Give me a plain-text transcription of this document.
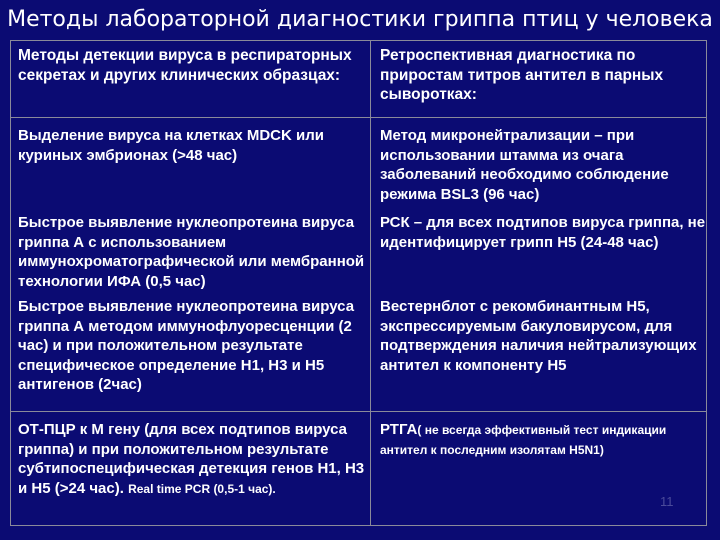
Методы лабораторной диагностики гриппа птиц у человека
Методы детекции вируса в респираторных секретах и других клинических образцах:
Ретроспективная диагностика по приростам титров антител в парных сыворотках:
Выделение вируса на клетках MDCK или куриных эмбрионах (>48 час)
Метод микронейтрализации – при использовании штамма из очага заболеваний необходимо соблюдение режима BSL3 (96 час)
Быстрое выявление нуклеопротеина вируса гриппа А с использованием иммунохроматографической или мембранной технологии ИФА (0,5 час)
РСК – для всех подтипов вируса гриппа, не идентифицирует грипп Н5 (24-48 час)
Быстрое выявление нуклеопротеина вируса гриппа А методом иммунофлуоресценции (2 час) и при положительном результате специфическое определение Н1, Н3 и Н5 антигенов (2час)
Вестернблот с рекомбинантным Н5, экспрессируемым бакуловирусом, для подтверждения наличия нейтрализующих антител к компоненту Н5
ОТ-ПЦР к М гену (для всех подтипов вируса гриппа) и при положительном результате субтипоспецифическая детекция генов Н1, Н3 и Н5 (>24 час). Real time PCR (0,5-1 час).
РТГА( не всегда эффективный тест индикации антител к последним изолятам Н5N1)
11
